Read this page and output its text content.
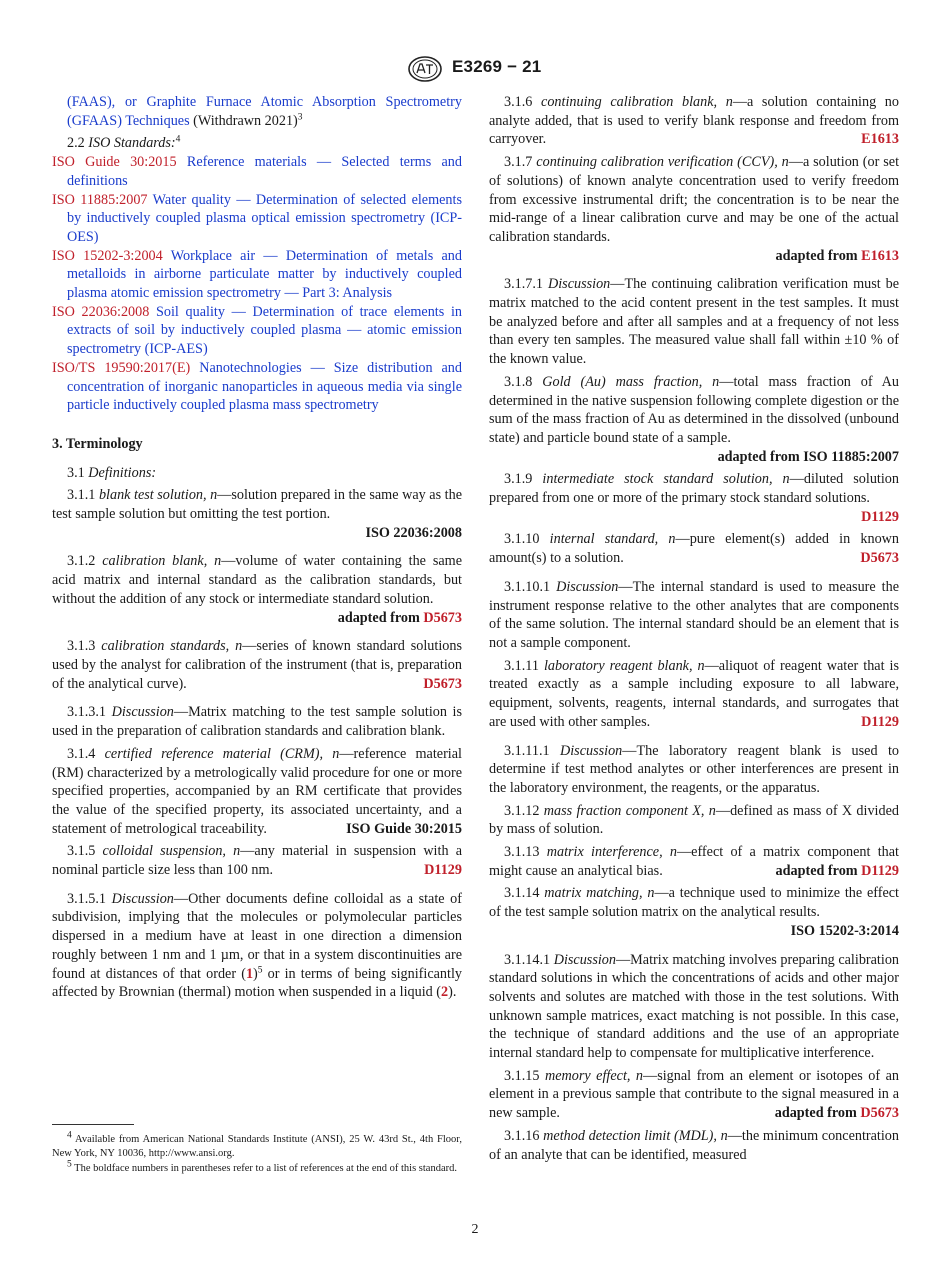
E3269 − 21

(FAAS), or Graphite Furnace Atomic Absorption Spectrometry (GFAAS) Techniques (Withdrawn 2021)$^3$

2.2 ISO Standards:$^4$

ISO Guide 30:2015 Reference materials — Selected terms and definitions

ISO 11885:2007 Water quality — Determination of selected elements by inductively coupled plasma optical emission spectrometry (ICP-OES)

ISO 15202-3:2004 Workplace air — Determination of metals and metalloids in airborne particulate matter by inductively coupled plasma atomic emission spectrometry — Part 3: Analysis

ISO 22036:2008 Soil quality — Determination of trace elements in extracts of soil by inductively coupled plasma — atomic emission spectrometry (ICP-AES)

ISO/TS 19590:2017(E) Nanotechnologies — Size distribution and concentration of inorganic nanoparticles in aqueous media via single particle inductively coupled plasma mass spectrometry

3. Terminology

3.1 Definitions:

3.1.1 blank test solution, n—solution prepared in the same way as the test sample solution but omitting the test portion.

ISO 22036:2008

3.1.2 calibration blank, n—volume of water containing the same acid matrix and internal standard as the calibration standards, but without the addition of any stock or intermediate standard solution.
adapted from D5673

3.1.3 calibration standards, n—series of known standard solutions used by the analyst for calibration of the instrument (that is, preparation of the analytical curve).	D5673

3.1.3.1 Discussion—Matrix matching to the test sample solution is used in the preparation of calibration standards and calibration blank.

3.1.4 certified reference material (CRM), n—reference material (RM) characterized by a metrologically valid procedure for one or more specified properties, accompanied by an RM certificate that provides the value of the specified property, its associated uncertainty, and a statement of metrological traceability.	ISO Guide 30:2015

3.1.5 colloidal suspension, n—any material in suspension with a nominal particle size less than 100 nm.	D1129

3.1.5.1 Discussion—Other documents define colloidal as a state of subdivision, implying that the molecules or polymolecular particles dispersed in a medium have at least in one direction a dimension roughly between 1 nm and 1 µm, or that in a system discontinuities are found at distances of that order $(1)^5$ or in terms of being significantly affected by Brownian (thermal) motion when suspended in a liquid (2).

$^4$ Available from American National Standards Institute (ANSI), 25 W. 43rd St., 4th Floor, New York, NY 10036, http://www.ansi.org.

$^5$ The boldface numbers in parentheses refer to a list of references at the end of this standard.

3.1.6 continuing calibration blank, n—a solution containing no analyte added, that is used to verify blank response and freedom from carryover.	E1613

3.1.7 continuing calibration verification (CCV), n—a solution (or set of solutions) of known analyte concentration used to verify freedom from excessive instrumental drift; the concentration is to be near the mid-range of a linear calibration curve and may be one of the actual calibration standards.

adapted from E1613

3.1.7.1 Discussion—The continuing calibration verification must be matrix matched to the acid content present in the test samples. It must be analyzed before and after all samples and at a frequency of not less than every ten samples. The measured value shall fall within ±10 % of the known value.

3.1.8 Gold (Au) mass fraction, n—total mass fraction of Au determined in the native suspension following complete digestion or the sum of the mass fraction of Au as determined in the dissolved (unbound state) and particle bound state of a sample.

adapted from ISO 11885:2007

3.1.9 intermediate stock standard solution, n—diluted solution prepared from one or more of the primary stock standard solutions.
D1129

3.1.10 internal standard, n—pure element(s) added in known amount(s) to a solution.	D5673

3.1.10.1 Discussion—The internal standard is used to measure the instrument response relative to the other analytes that are components of the same solution. The internal standard should be an element that is not a sample component.

3.1.11 laboratory reagent blank, n—aliquot of reagent water that is treated exactly as a sample including exposure to all labware, equipment, solvents, reagents, internal standards, and surrogates that are used with other samples.	D1129

3.1.11.1 Discussion—The laboratory reagent blank is used to determine if test method analytes or other interferences are present in the laboratory environment, the reagents, or the apparatus.

3.1.12 mass fraction component X, n—defined as mass of X divided by mass of solution.

3.1.13 matrix interference, n—effect of a matrix component that might cause an analytical bias.	adapted from D1129

3.1.14 matrix matching, n—a technique used to minimize the effect of the test sample solution matrix on the analytical results.
ISO 15202-3:2014

3.1.14.1 Discussion—Matrix matching involves preparing calibration standard solutions in which the concentrations of acids and other major solvents and solutes are matched with those in the test solutions. With unknown sample matrices, exact matching is not possible. In this case, the technique of standard additions and the use of an appropriate internal standard help to compensate for multiplicative interference.

3.1.15 memory effect, n—signal from an element or isotopes of an element in a previous sample that contribute to the signal measured in a new sample.	adapted from D5673

3.1.16 method detection limit (MDL), n—the minimum concentration of an analyte that can be identified, measured

2
